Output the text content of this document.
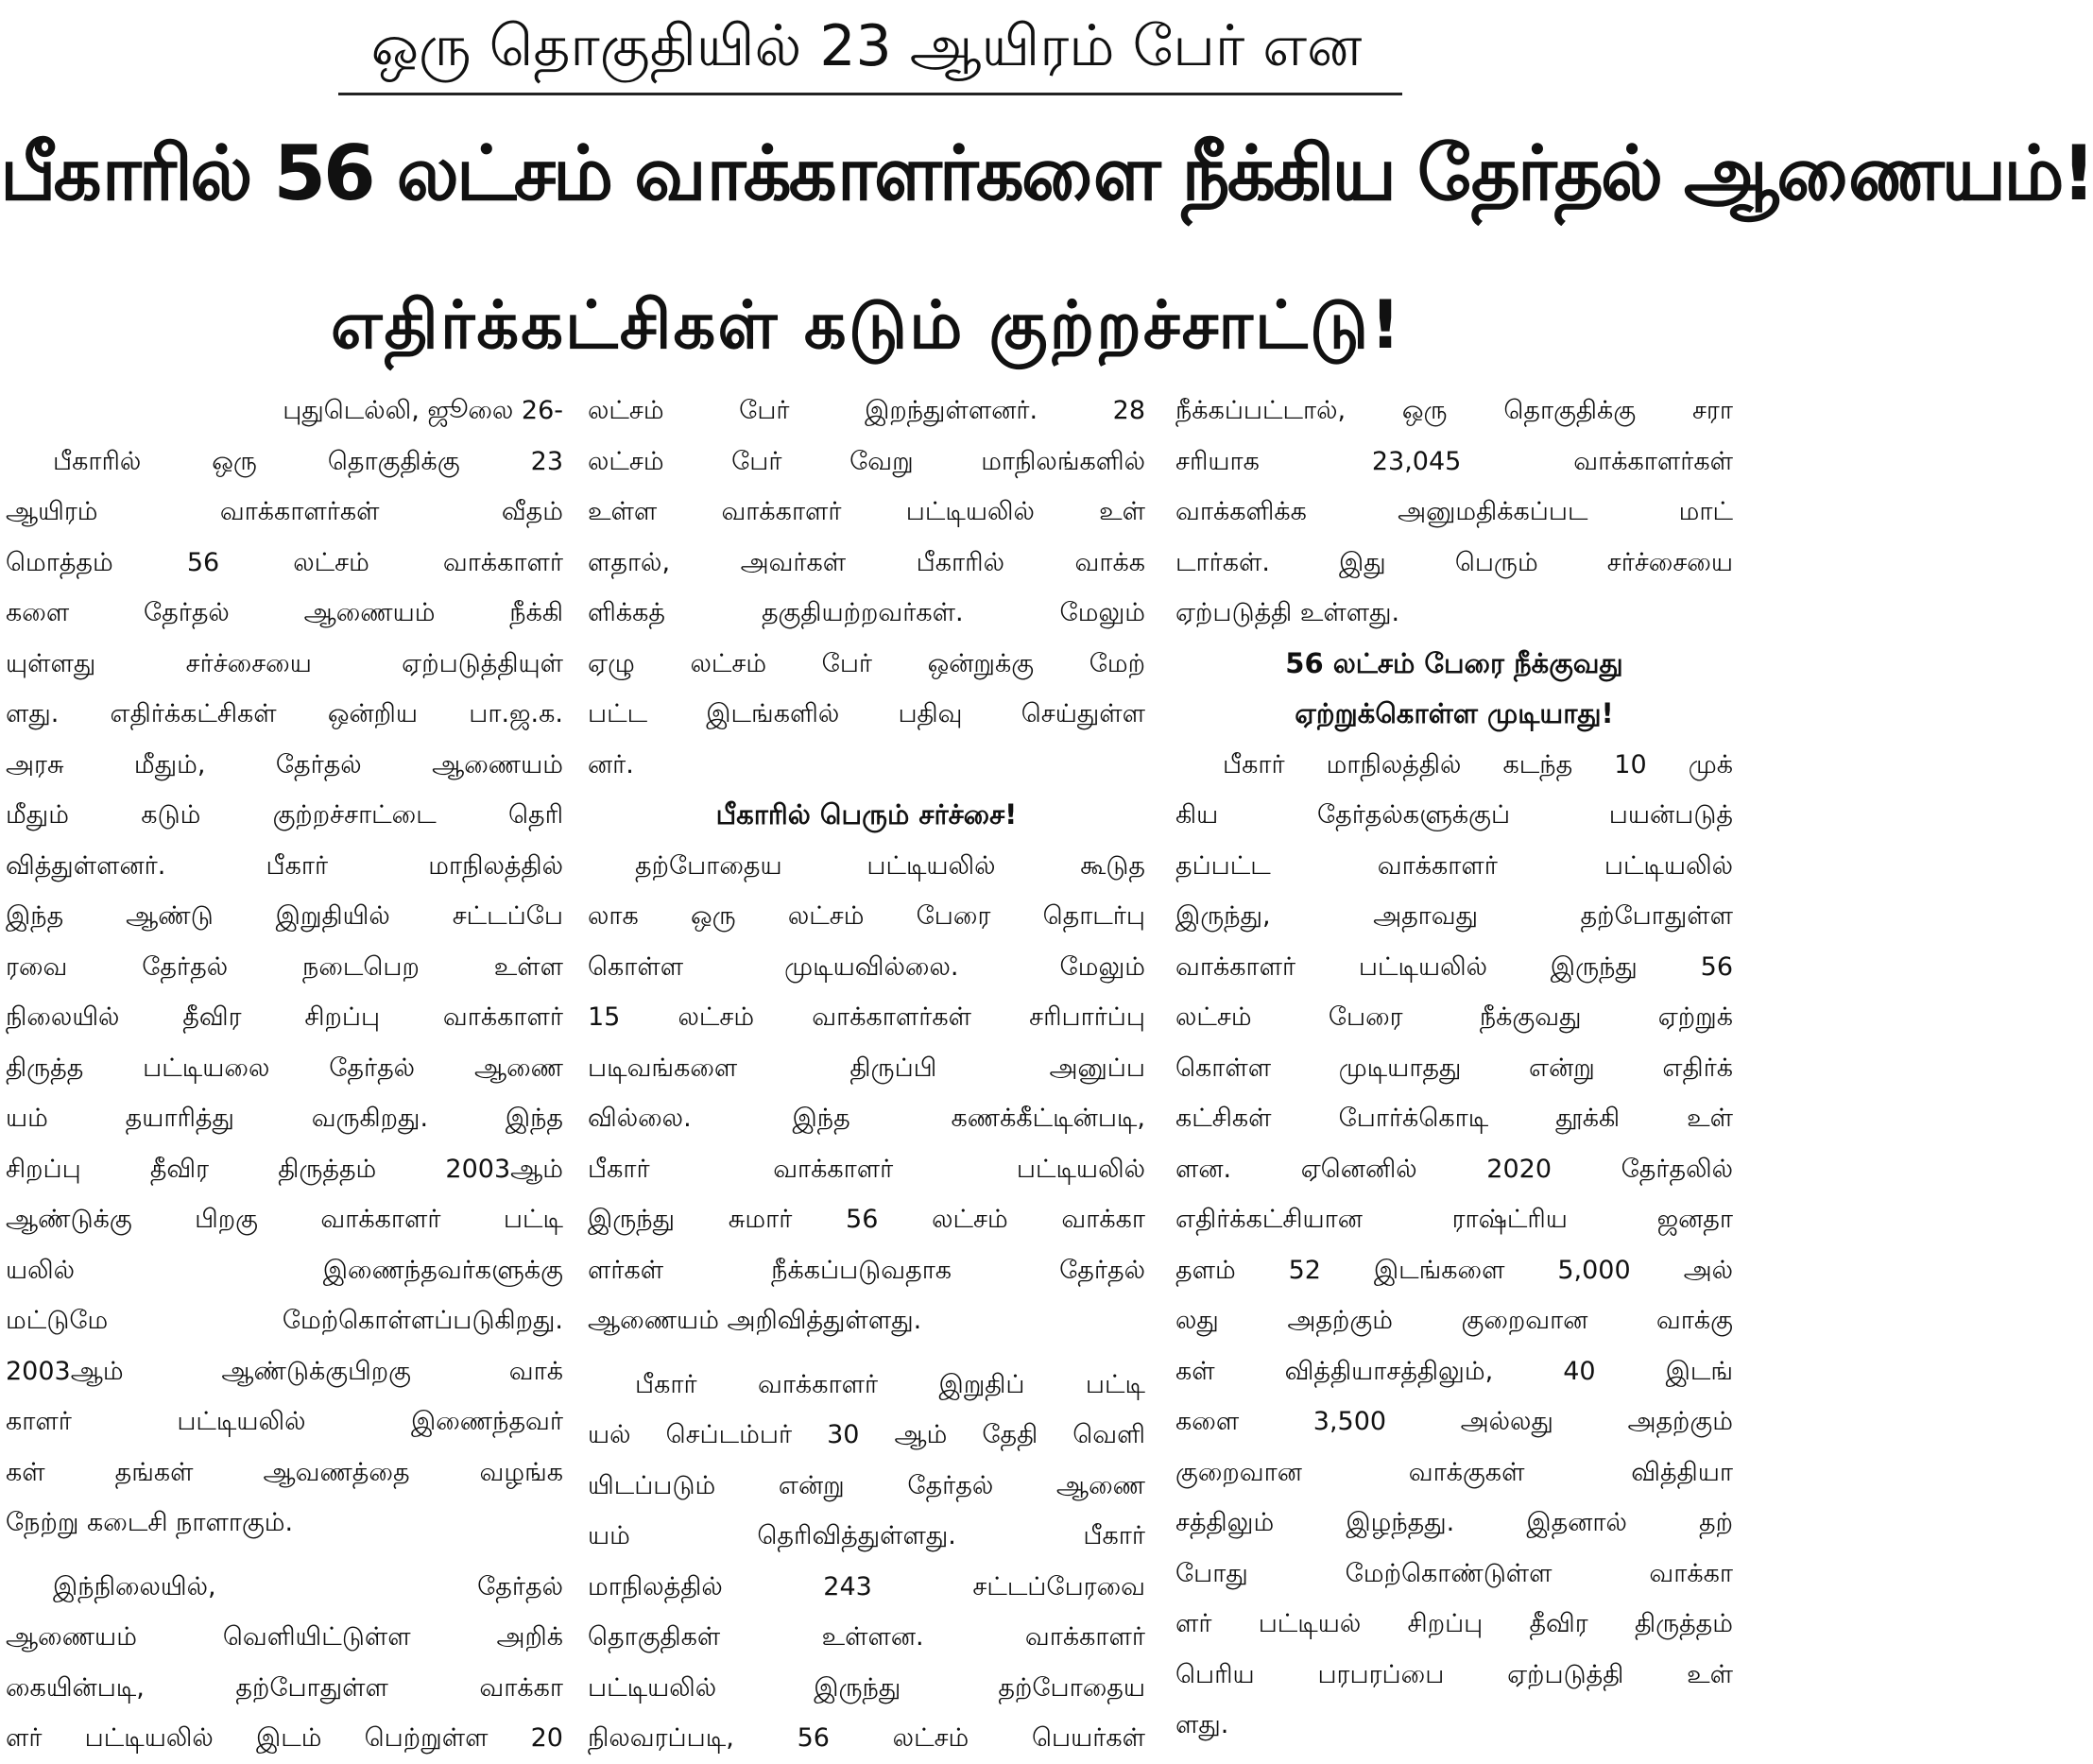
ஒரு தொகுதியில் 23 ஆயிரம் பேர் என
பீகாரில் 56 லட்சம் வாக்காளர்களை நீக்கிய தேர்தல் ஆணையம்!
எதிர்க்கட்சிகள் கடும் குற்றச்சாட்டு!
புதுடெல்லி, ஜூலை 26-
பீகாரில் ஒரு தொகுதிக்கு 23
ஆயிரம் வாக்காளர்கள் வீதம்
மொத்தம் 56 லட்சம் வாக்காளர்
களை தேர்தல் ஆணையம் நீக்கி
யுள்ளது சர்ச்சையை ஏற்படுத்தியுள்
ளது. எதிர்க்கட்சிகள் ஒன்றிய பா.ஜ.க.
அரசு மீதும், தேர்தல் ஆணையம்
மீதும் கடும் குற்றச்சாட்டை தெரி
வித்துள்ளனர். பீகார் மாநிலத்தில்
இந்த ஆண்டு இறுதியில் சட்டப்பே
ரவை தேர்தல் நடைபெற உள்ள
நிலையில் தீவிர சிறப்பு வாக்காளர்
திருத்த பட்டியலை தேர்தல் ஆணை
யம் தயாரித்து வருகிறது. இந்த
சிறப்பு தீவிர திருத்தம் 2003ஆம்
ஆண்டுக்கு பிறகு வாக்காளர் பட்டி
யலில் இணைந்தவர்களுக்கு
மட்டுமே மேற்கொள்ளப்படுகிறது.
2003ஆம் ஆண்டுக்குபிறகு வாக்
காளர் பட்டியலில் இணைந்தவர்
கள் தங்கள் ஆவணத்தை வழங்க
நேற்று கடைசி நாளாகும்.
இந்நிலையில், தேர்தல்
ஆணையம் வெளியிட்டுள்ள அறிக்
கையின்படி, தற்போதுள்ள வாக்கா
ளர் பட்டியலில் இடம் பெற்றுள்ள 20
லட்சம் பேர் இறந்துள்ளனர். 28
லட்சம் பேர் வேறு மாநிலங்களில்
உள்ள வாக்காளர் பட்டியலில் உள்
ளதால், அவர்கள் பீகாரில் வாக்க
ளிக்கத் தகுதியற்றவர்கள். மேலும்
ஏழு லட்சம் பேர் ஒன்றுக்கு மேற்
பட்ட இடங்களில் பதிவு செய்துள்ள
னர்.
பீகாரில் பெரும் சர்ச்சை!
தற்போதைய பட்டியலில் கூடுத
லாக ஒரு லட்சம் பேரை தொடர்பு
கொள்ள முடியவில்லை. மேலும்
15 லட்சம் வாக்காளர்கள் சரிபார்ப்பு
படிவங்களை திருப்பி அனுப்ப
வில்லை. இந்த கணக்கீட்டின்படி,
பீகார் வாக்காளர் பட்டியலில்
இருந்து சுமார் 56 லட்சம் வாக்கா
ளர்கள் நீக்கப்படுவதாக தேர்தல்
ஆணையம் அறிவித்துள்ளது.
பீகார் வாக்காளர் இறுதிப் பட்டி
யல் செப்டம்பர் 30 ஆம் தேதி வெளி
யிடப்படும் என்று தேர்தல் ஆணை
யம் தெரிவித்துள்ளது. பீகார்
மாநிலத்தில் 243 சட்டப்பேரவை
தொகுதிகள் உள்ளன. வாக்காளர்
பட்டியலில் இருந்து தற்போதைய
நிலவரப்படி, 56 லட்சம் பெயர்கள்
நீக்கப்பட்டால், ஒரு தொகுதிக்கு சரா
சரியாக 23,045 வாக்காளர்கள்
வாக்களிக்க அனுமதிக்கப்பட மாட்
டார்கள். இது பெரும் சர்ச்சையை
ஏற்படுத்தி உள்ளது.
56 லட்சம் பேரை நீக்குவது
ஏற்றுக்கொள்ள முடியாது!
பீகார் மாநிலத்தில் கடந்த 10 முக்
கிய தேர்தல்களுக்குப் பயன்படுத்
தப்பட்ட வாக்காளர் பட்டியலில்
இருந்து, அதாவது தற்போதுள்ள
வாக்காளர் பட்டியலில் இருந்து 56
லட்சம் பேரை நீக்குவது ஏற்றுக்
கொள்ள முடியாதது என்று எதிர்க்
கட்சிகள் போர்க்கொடி தூக்கி உள்
ளன. ஏனெனில் 2020 தேர்தலில்
எதிர்க்கட்சியான ராஷ்ட்ரிய ஜனதா
தளம் 52 இடங்களை 5,000 அல்
லது அதற்கும் குறைவான வாக்கு
கள் வித்தியாசத்திலும், 40 இடங்
களை 3,500 அல்லது அதற்கும்
குறைவான வாக்குகள் வித்தியா
சத்திலும் இழந்தது. இதனால் தற்
போது மேற்கொண்டுள்ள வாக்கா
ளர் பட்டியல் சிறப்பு தீவிர திருத்தம்
பெரிய பரபரப்பை ஏற்படுத்தி உள்
ளது.
